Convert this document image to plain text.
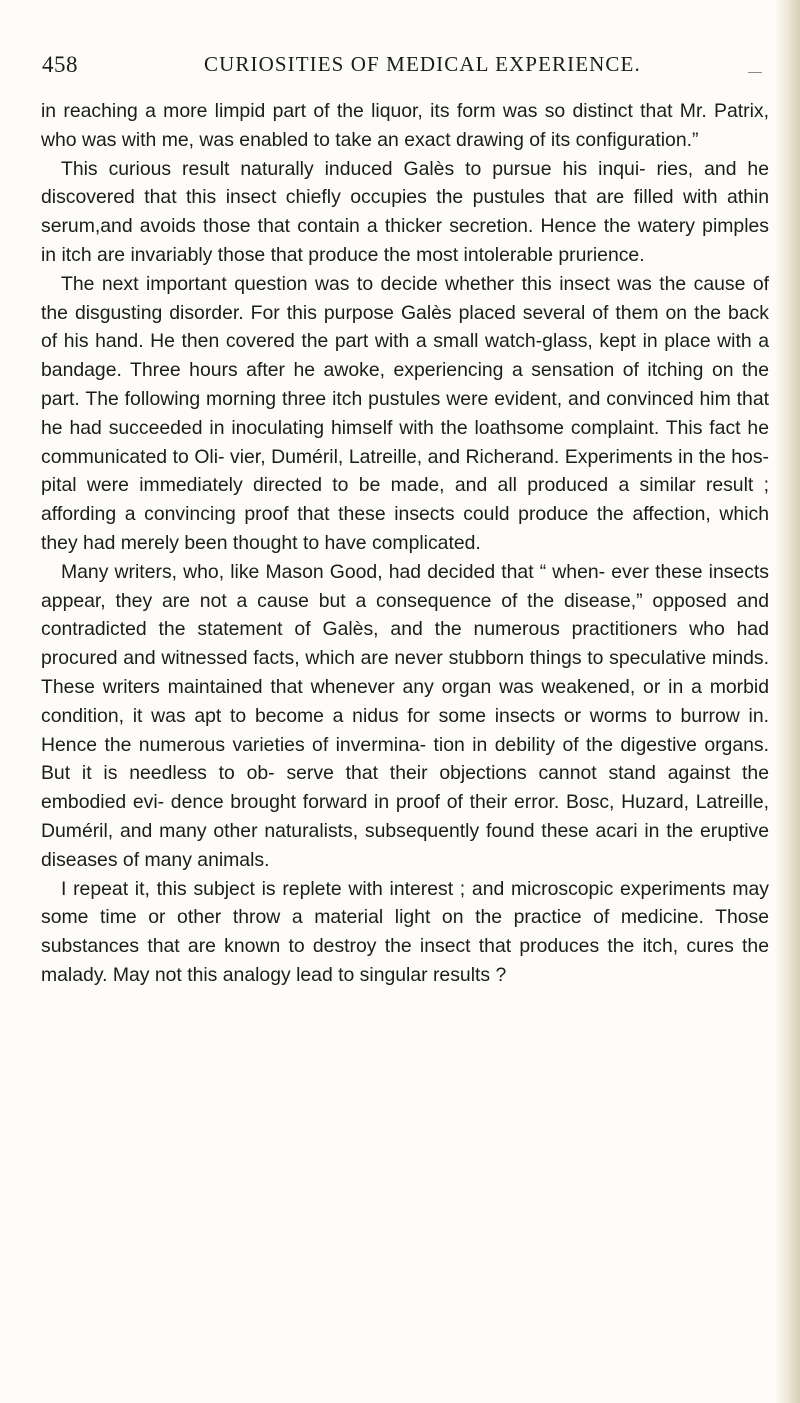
458	CURIOSITIES OF MEDICAL EXPERIENCE.

in reaching a more limpid part of the liquor, its form was so distinct that Mr. Patrix, who was with me, was enabled to take an exact drawing of its configuration.”

This curious result naturally induced Galès to pursue his inqui- ries, and he discovered that this insect chiefly occupies the pustules that are filled with athin serum,and avoids those that contain a thicker secretion. Hence the watery pimples in itch are invariably those that produce the most intolerable prurience.

The next important question was to decide whether this insect was the cause of the disgusting disorder. For this purpose Galès placed several of them on the back of his hand. He then covered the part with a small watch-glass, kept in place with a bandage. Three hours after he awoke, experiencing a sensation of itching on the part. The following morning three itch pustules were evident, and convinced him that he had succeeded in inoculating himself with the loathsome complaint. This fact he communicated to Oli- vier, Duméril, Latreille, and Richerand. Experiments in the hos- pital were immediately directed to be made, and all produced a similar result ; affording a convincing proof that these insects could produce the affection, which they had merely been thought to have complicated.

Many writers, who, like Mason Good, had decided that “ when- ever these insects appear, they are not a cause but a consequence of the disease,” opposed and contradicted the statement of Galès, and the numerous practitioners who had procured and witnessed facts, which are never stubborn things to speculative minds. These writers maintained that whenever any organ was weakened, or in a morbid condition, it was apt to become a nidus for some insects or worms to burrow in. Hence the numerous varieties of invermina- tion in debility of the digestive organs. But it is needless to ob- serve that their objections cannot stand against the embodied evi- dence brought forward in proof of their error. Bosc, Huzard, Latreille, Duméril, and many other naturalists, subsequently found these acari in the eruptive diseases of many animals.

I repeat it, this subject is replete with interest ; and microscopic experiments may some time or other throw a material light on the practice of medicine. Those substances that are known to destroy the insect that produces the itch, cures the malady. May not this analogy lead to singular results ?
